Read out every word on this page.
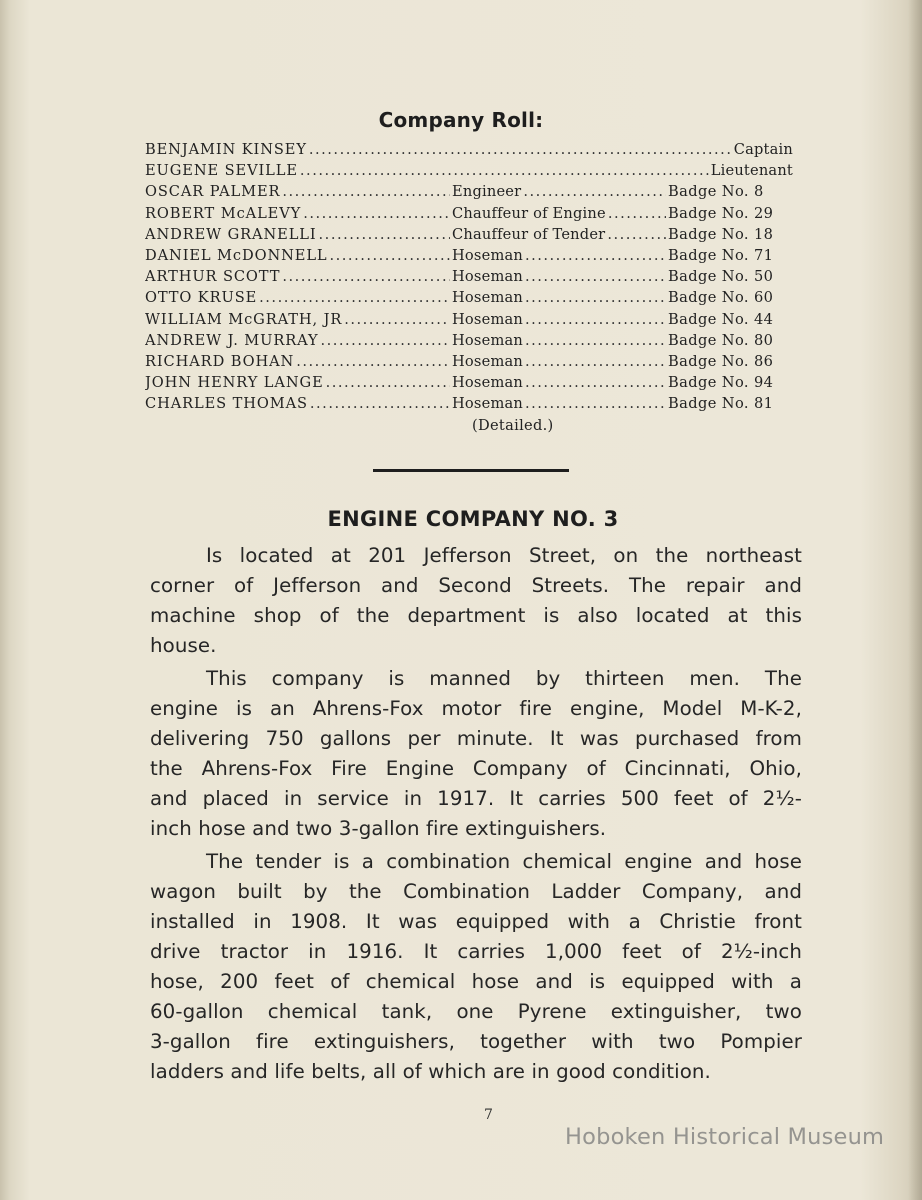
Company Roll:
BENJAMIN KINSEY .....	Captain
EUGENE SEVILLE .....	Lieutenant
OSCAR PALMER .....	Engineer .....	Badge No. 8
ROBERT McALEVY .....	Chauffeur of Engine .....	Badge No. 29
ANDREW GRANELLI .....	Chauffeur of Tender .....	Badge No. 18
DANIEL McDONNELL .....	Hoseman .....	Badge No. 71
ARTHUR SCOTT .....	Hoseman .....	Badge No. 50
OTTO KRUSE .....	Hoseman .....	Badge No. 60
WILLIAM McGRATH, JR .....	Hoseman .....	Badge No. 44
ANDREW J. MURRAY .....	Hoseman .....	Badge No. 80
RICHARD BOHAN .....	Hoseman .....	Badge No. 86
JOHN HENRY LANGE .....	Hoseman .....	Badge No. 94
CHARLES THOMAS .....	Hoseman .....	Badge No. 81
(Detailed.)
ENGINE COMPANY NO. 3
Is located at 201 Jefferson Street, on the northeast
corner of Jefferson and Second Streets. The repair and
machine shop of the department is also located at this
house.
This company is manned by thirteen men. The
engine is an Ahrens-Fox motor fire engine, Model M-K-2,
delivering 750 gallons per minute. It was purchased from
the Ahrens-Fox Fire Engine Company of Cincinnati, Ohio,
and placed in service in 1917. It carries 500 feet of 2½-
inch hose and two 3-gallon fire extinguishers.
The tender is a combination chemical engine and hose
wagon built by the Combination Ladder Company, and
installed in 1908. It was equipped with a Christie front
drive tractor in 1916. It carries 1,000 feet of 2½-inch
hose, 200 feet of chemical hose and is equipped with a
60-gallon chemical tank, one Pyrene extinguisher, two
3-gallon fire extinguishers, together with two Pompier
ladders and life belts, all of which are in good condition.
7
Hoboken Historical Museum
